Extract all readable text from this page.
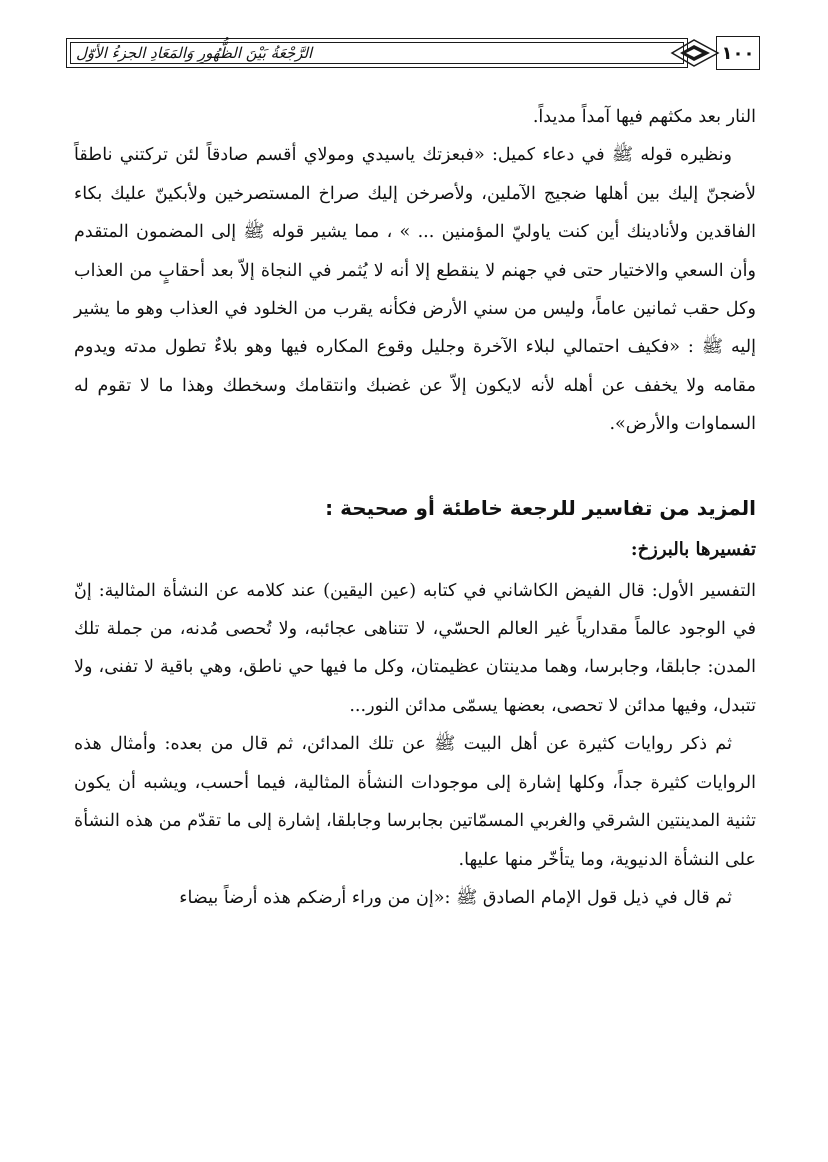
الرَّجْعَةُ بَيْنَ الظُّهُورِ وَالمَعَادِ الجزءُ الأوّل	١٠٠

النار بعد مكثهم فيها آمداً مديداً.

ونظيره قوله ﷺ في دعاء كميل: «فبعزتك ياسيدي ومولاي أقسم صادقاً لئن تركتني ناطقاً لأضجنّ إليك بين أهلها ضجيج الآملين، ولأصرخن إليك صراخ المستصرخين ولأبكينّ عليك بكاء الفاقدين ولأنادينك أين كنت ياوليّ المؤمنين ... » ، مما يشير قوله ﷺ إلى المضمون المتقدم وأن السعي والاختيار حتى في جهنم لا ينقطع إلا أنه لا يُثمر في النجاة إلاّ بعد أحقابٍ من العذاب وكل حقب ثمانين عاماً، وليس من سني الأرض فكأنه يقرب من الخلود في العذاب وهو ما يشير إليه ﷺ : «فكيف احتمالي لبلاء الآخرة وجليل وقوع المكاره فيها وهو بلاءٌ تطول مدته ويدوم مقامه ولا يخفف عن أهله لأنه لايكون إلاّ عن غضبك وانتقامك وسخطك وهذا ما لا تقوم له السماوات والأرض».

المزيد من تفاسير للرجعة خاطئة أو صحيحة :
تفسيرها بالبرزخ:

التفسير الأول: قال الفيض الكاشاني في كتابه (عين اليقين) عند كلامه عن النشأة المثالية: إنّ في الوجود عالماً مقدارياً غير العالم الحسّي، لا تتناهى عجائبه، ولا تُحصى مُدنه، من جملة تلك المدن: جابلقا، وجابرسا، وهما مدينتان عظيمتان، وكل ما فيها حي ناطق، وهي باقية لا تفنى، ولا تتبدل، وفيها مدائن لا تحصى، بعضها يسمّى مدائن النور...

ثم ذكر روايات كثيرة عن أهل البيت ﷺ عن تلك المدائن، ثم قال من بعده: وأمثال هذه الروايات كثيرة جداً، وكلها إشارة إلى موجودات النشأة المثالية، فيما أحسب، ويشبه أن يكون تثنية المدينتين الشرقي والغربي المسمّاتين بجابرسا وجابلقا، إشارة إلى ما تقدّم من هذه النشأة على النشأة الدنيوية، وما يتأخّر منها عليها.

ثم قال في ذيل قول الإمام الصادق ﷺ :«إن من وراء أرضكم هذه أرضاً بيضاء
